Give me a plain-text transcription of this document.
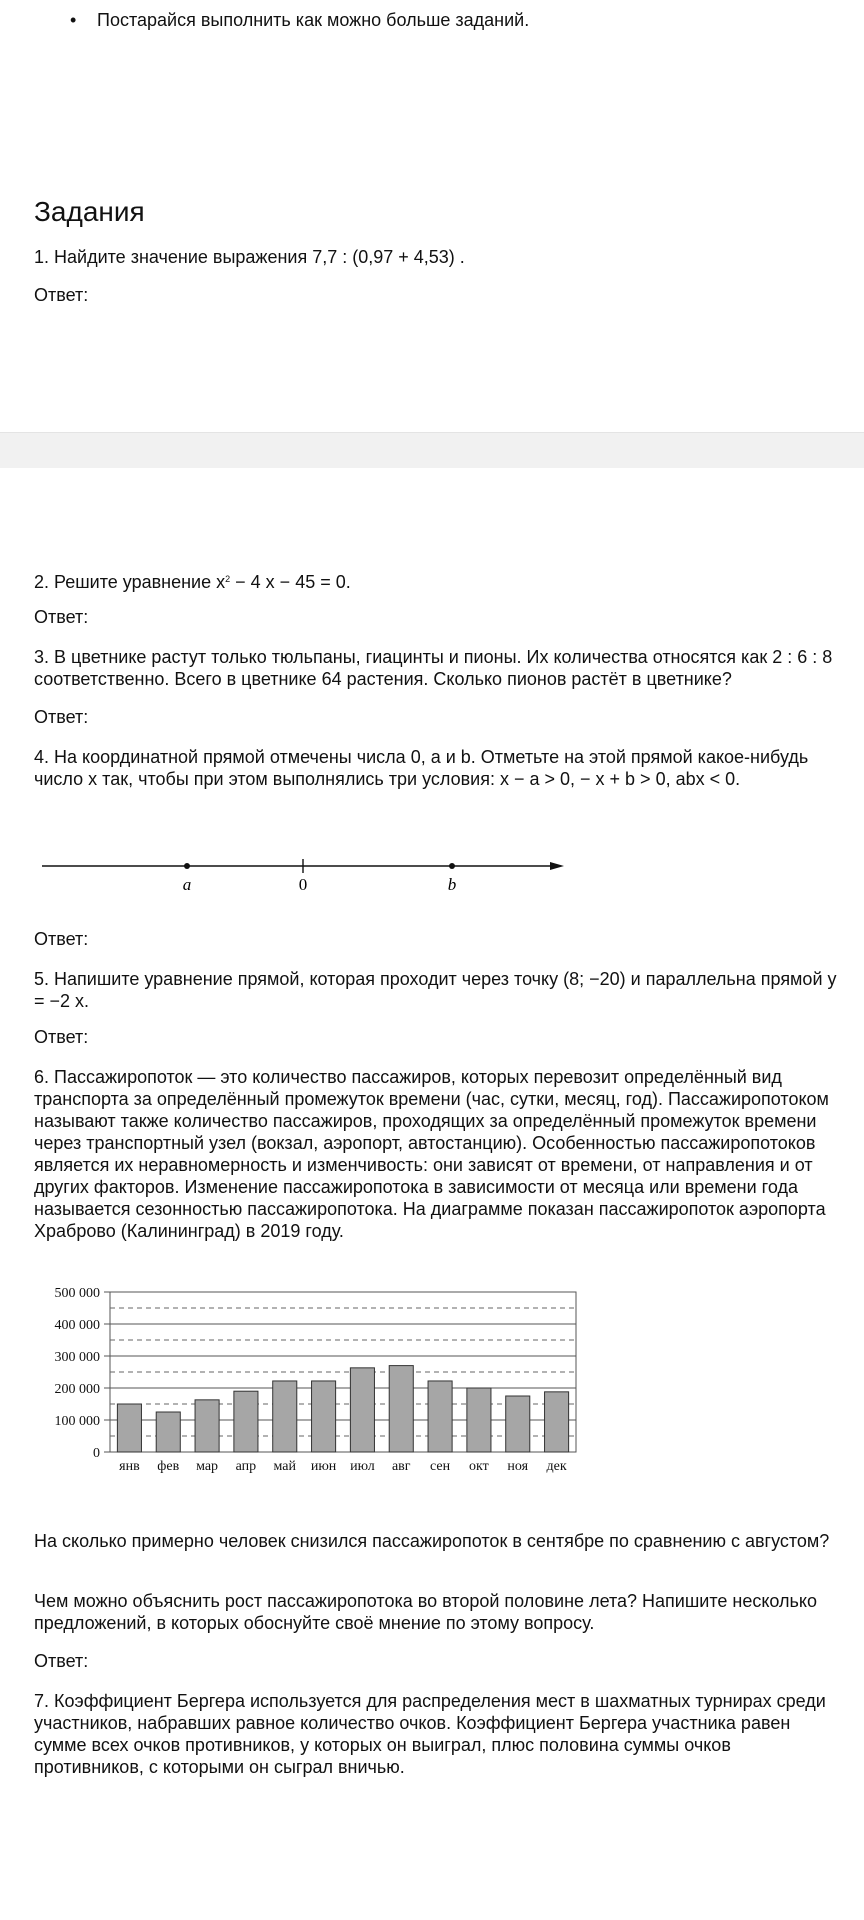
• Постарайся выполнить как можно больше заданий.
Задания

1. Найдите значение выражения 7,7 : (0,97 + 4,53) .

Ответ:

2. Решите уравнение $x^2 - 4$ x − 45 = 0.

Ответ:

3. В цветнике растут только тюльпаны, гиацинты и пионы. Их количества относятся как 2 : 6 : 8 соответственно. Всего в цветнике 64 растения. Сколько пионов растёт в цветнике?

Ответ:

4. На координатной прямой отмечены числа 0, a и b. Отметьте на этой прямой какое-нибудь число x так, чтобы при этом выполнялись три условия: x − a > 0, − x + b > 0, abx < 0.

a	0	b

Ответ:

5. Напишите уравнение прямой, которая проходит через точку (8; −20) и параллельна прямой y = −2 x.

Ответ:

6. Пассажиропоток — это количество пассажиров, которых перевозит определённый вид транспорта за определённый промежуток времени (час, сутки, месяц, год). Пассажиропотоком называют также количество пассажиров, проходящих за определённый промежуток времени через транспортный узел (вокзал, аэропорт, автостанцию). Особенностью пассажиропотоков является их неравномерность и изменчивость: они зависят от времени, от направления и от других факторов. Изменение пассажиропотока в зависимости от месяца или времени года называется сезонностью пассажиропотока. На диаграмме показан пассажиропоток аэропорта Храброво (Калининград) в 2019 году.

0
100 000
200 000
300 000
400 000
500 000
янв фев мар апр май июн июл авг сен окт ноя дек

На сколько примерно человек снизился пассажиропоток в сентябре по сравнению с августом?

Чем можно объяснить рост пассажиропотока во второй половине лета? Напишите несколько предложений, в которых обоснуйте своё мнение по этому вопросу.

Ответ:

7. Коэффициент Бергера используется для распределения мест в шахматных турнирах среди участников, набравших равное количество очков. Коэффициент Бергера участника равен сумме всех очков противников, у которых он выиграл, плюс половина суммы очков противников, с которыми он сыграл вничью.
